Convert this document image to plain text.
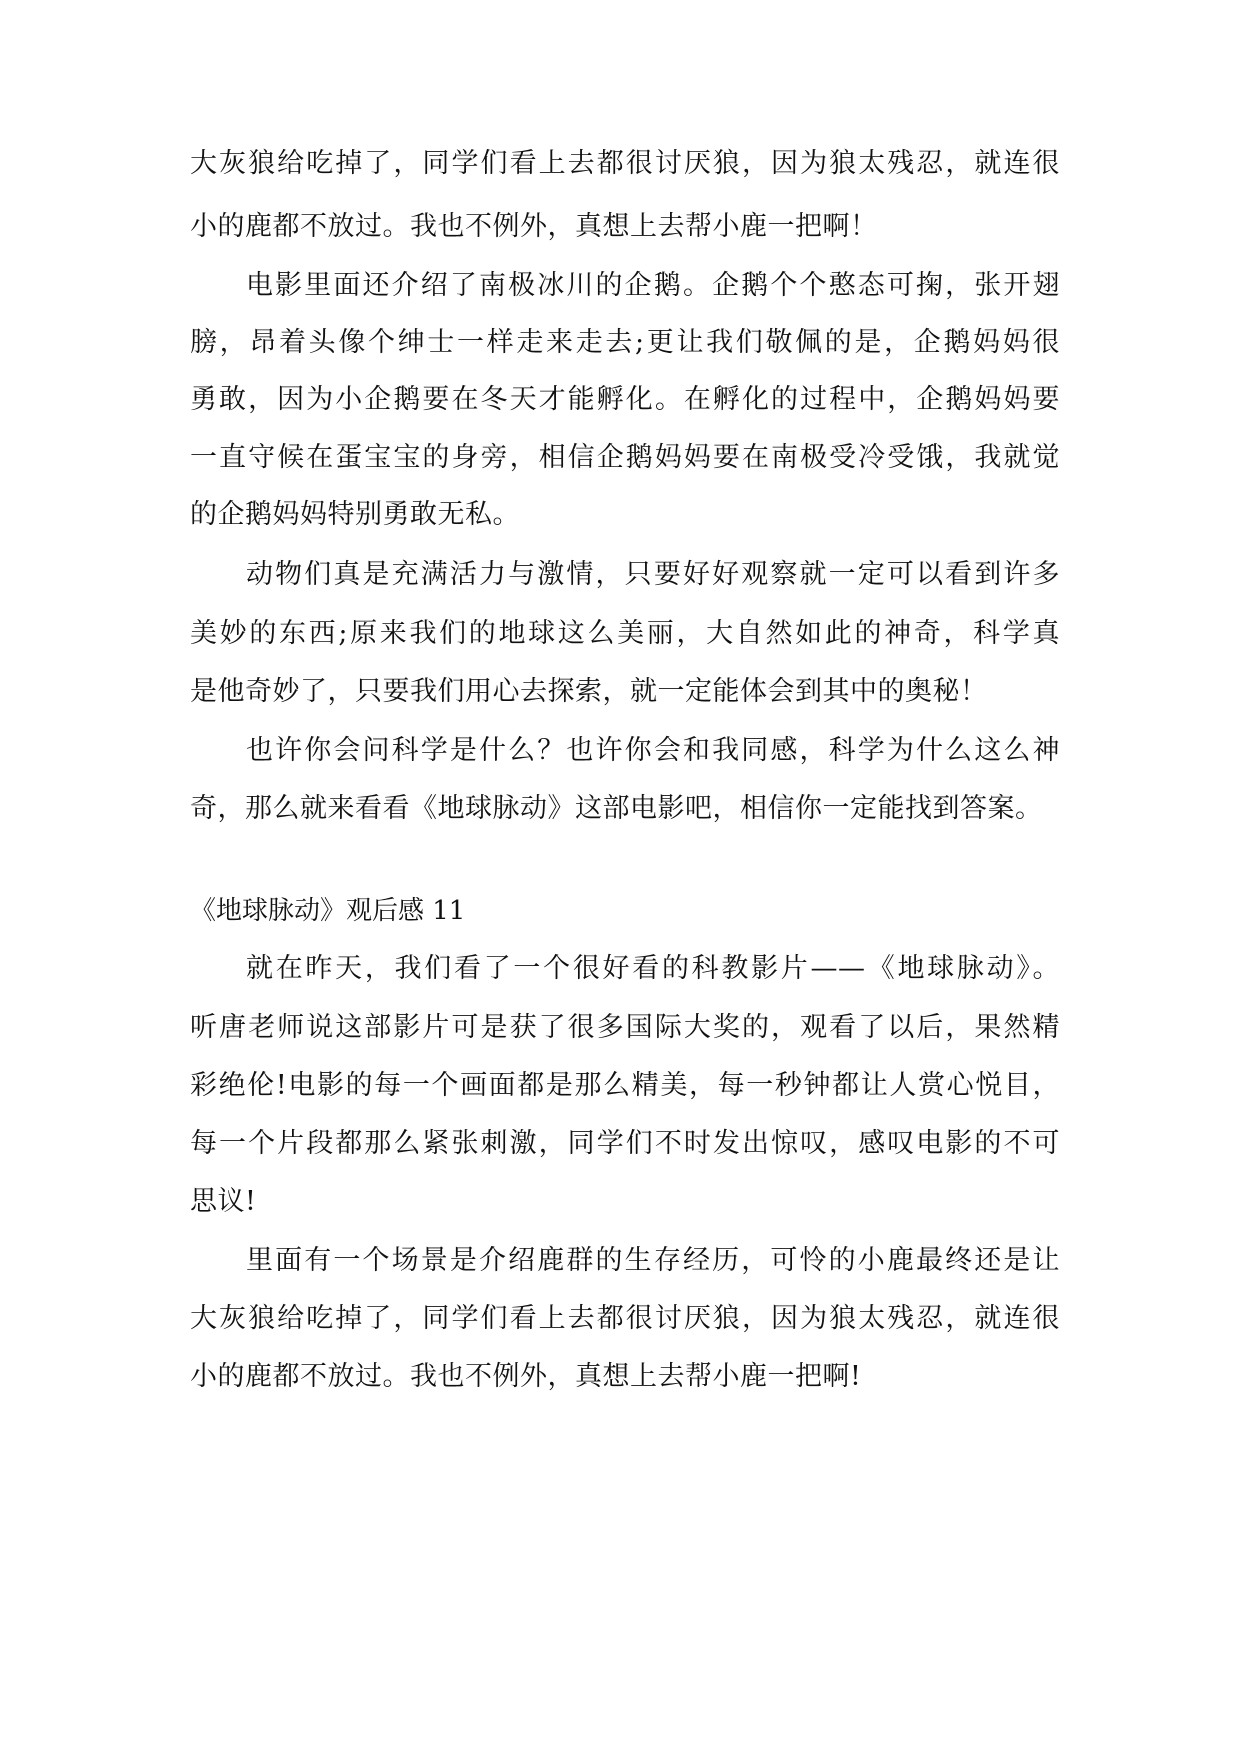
大灰狼给吃掉了，同学们看上去都很讨厌狼，因为狼太残忍，就连很
小的鹿都不放过。我也不例外，真想上去帮小鹿一把啊！
电影里面还介绍了南极冰川的企鹅。企鹅个个憨态可掬，张开翅
膀，昂着头像个绅士一样走来走去;更让我们敬佩的是，企鹅妈妈很
勇敢，因为小企鹅要在冬天才能孵化。在孵化的过程中，企鹅妈妈要
一直守候在蛋宝宝的身旁，相信企鹅妈妈要在南极受冷受饿，我就觉
的企鹅妈妈特别勇敢无私。
动物们真是充满活力与激情，只要好好观察就一定可以看到许多
美妙的东西;原来我们的地球这么美丽，大自然如此的神奇，科学真
是他奇妙了，只要我们用心去探索，就一定能体会到其中的奥秘！
也许你会问科学是什么？也许你会和我同感，科学为什么这么神
奇，那么就来看看《地球脉动》这部电影吧，相信你一定能找到答案。
《地球脉动》观后感 11
就在昨天，我们看了一个很好看的科教影片——《地球脉动》。
听唐老师说这部影片可是获了很多国际大奖的，观看了以后，果然精
彩绝伦!电影的每一个画面都是那么精美，每一秒钟都让人赏心悦目，
每一个片段都那么紧张刺激，同学们不时发出惊叹，感叹电影的不可
思议!
里面有一个场景是介绍鹿群的生存经历，可怜的小鹿最终还是让
大灰狼给吃掉了，同学们看上去都很讨厌狼，因为狼太残忍，就连很
小的鹿都不放过。我也不例外，真想上去帮小鹿一把啊!
